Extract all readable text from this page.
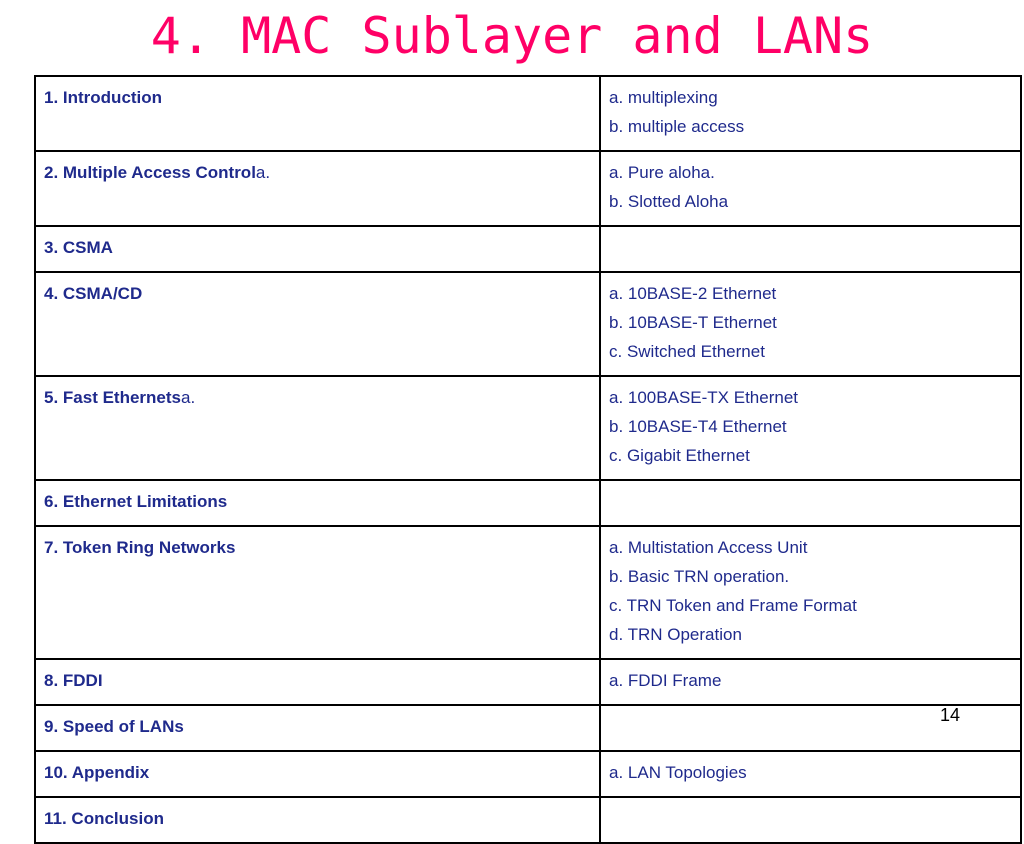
4. MAC Sublayer and LANs
1. Introduction	a. multiplexing
b. multiple access

2. Multiple Access Controla.	a. Pure aloha.
b. Slotted Aloha

3. CSMA	
4. CSMA/CD	a. 10BASE-2 Ethernet
b. 10BASE-T Ethernet
c. Switched Ethernet

5. Fast Ethernetsa.	a. 100BASE-TX Ethernet
b. 10BASE-T4 Ethernet
c. Gigabit Ethernet

6. Ethernet Limitations	
7. Token Ring Networks	a. Multistation Access Unit
b. Basic TRN operation.
c. TRN Token and Frame Format
d. TRN Operation

8. FDDI	a. FDDI Frame

9. Speed of LANs	
10. Appendix	a. LAN Topologies

11. Conclusion	
14
